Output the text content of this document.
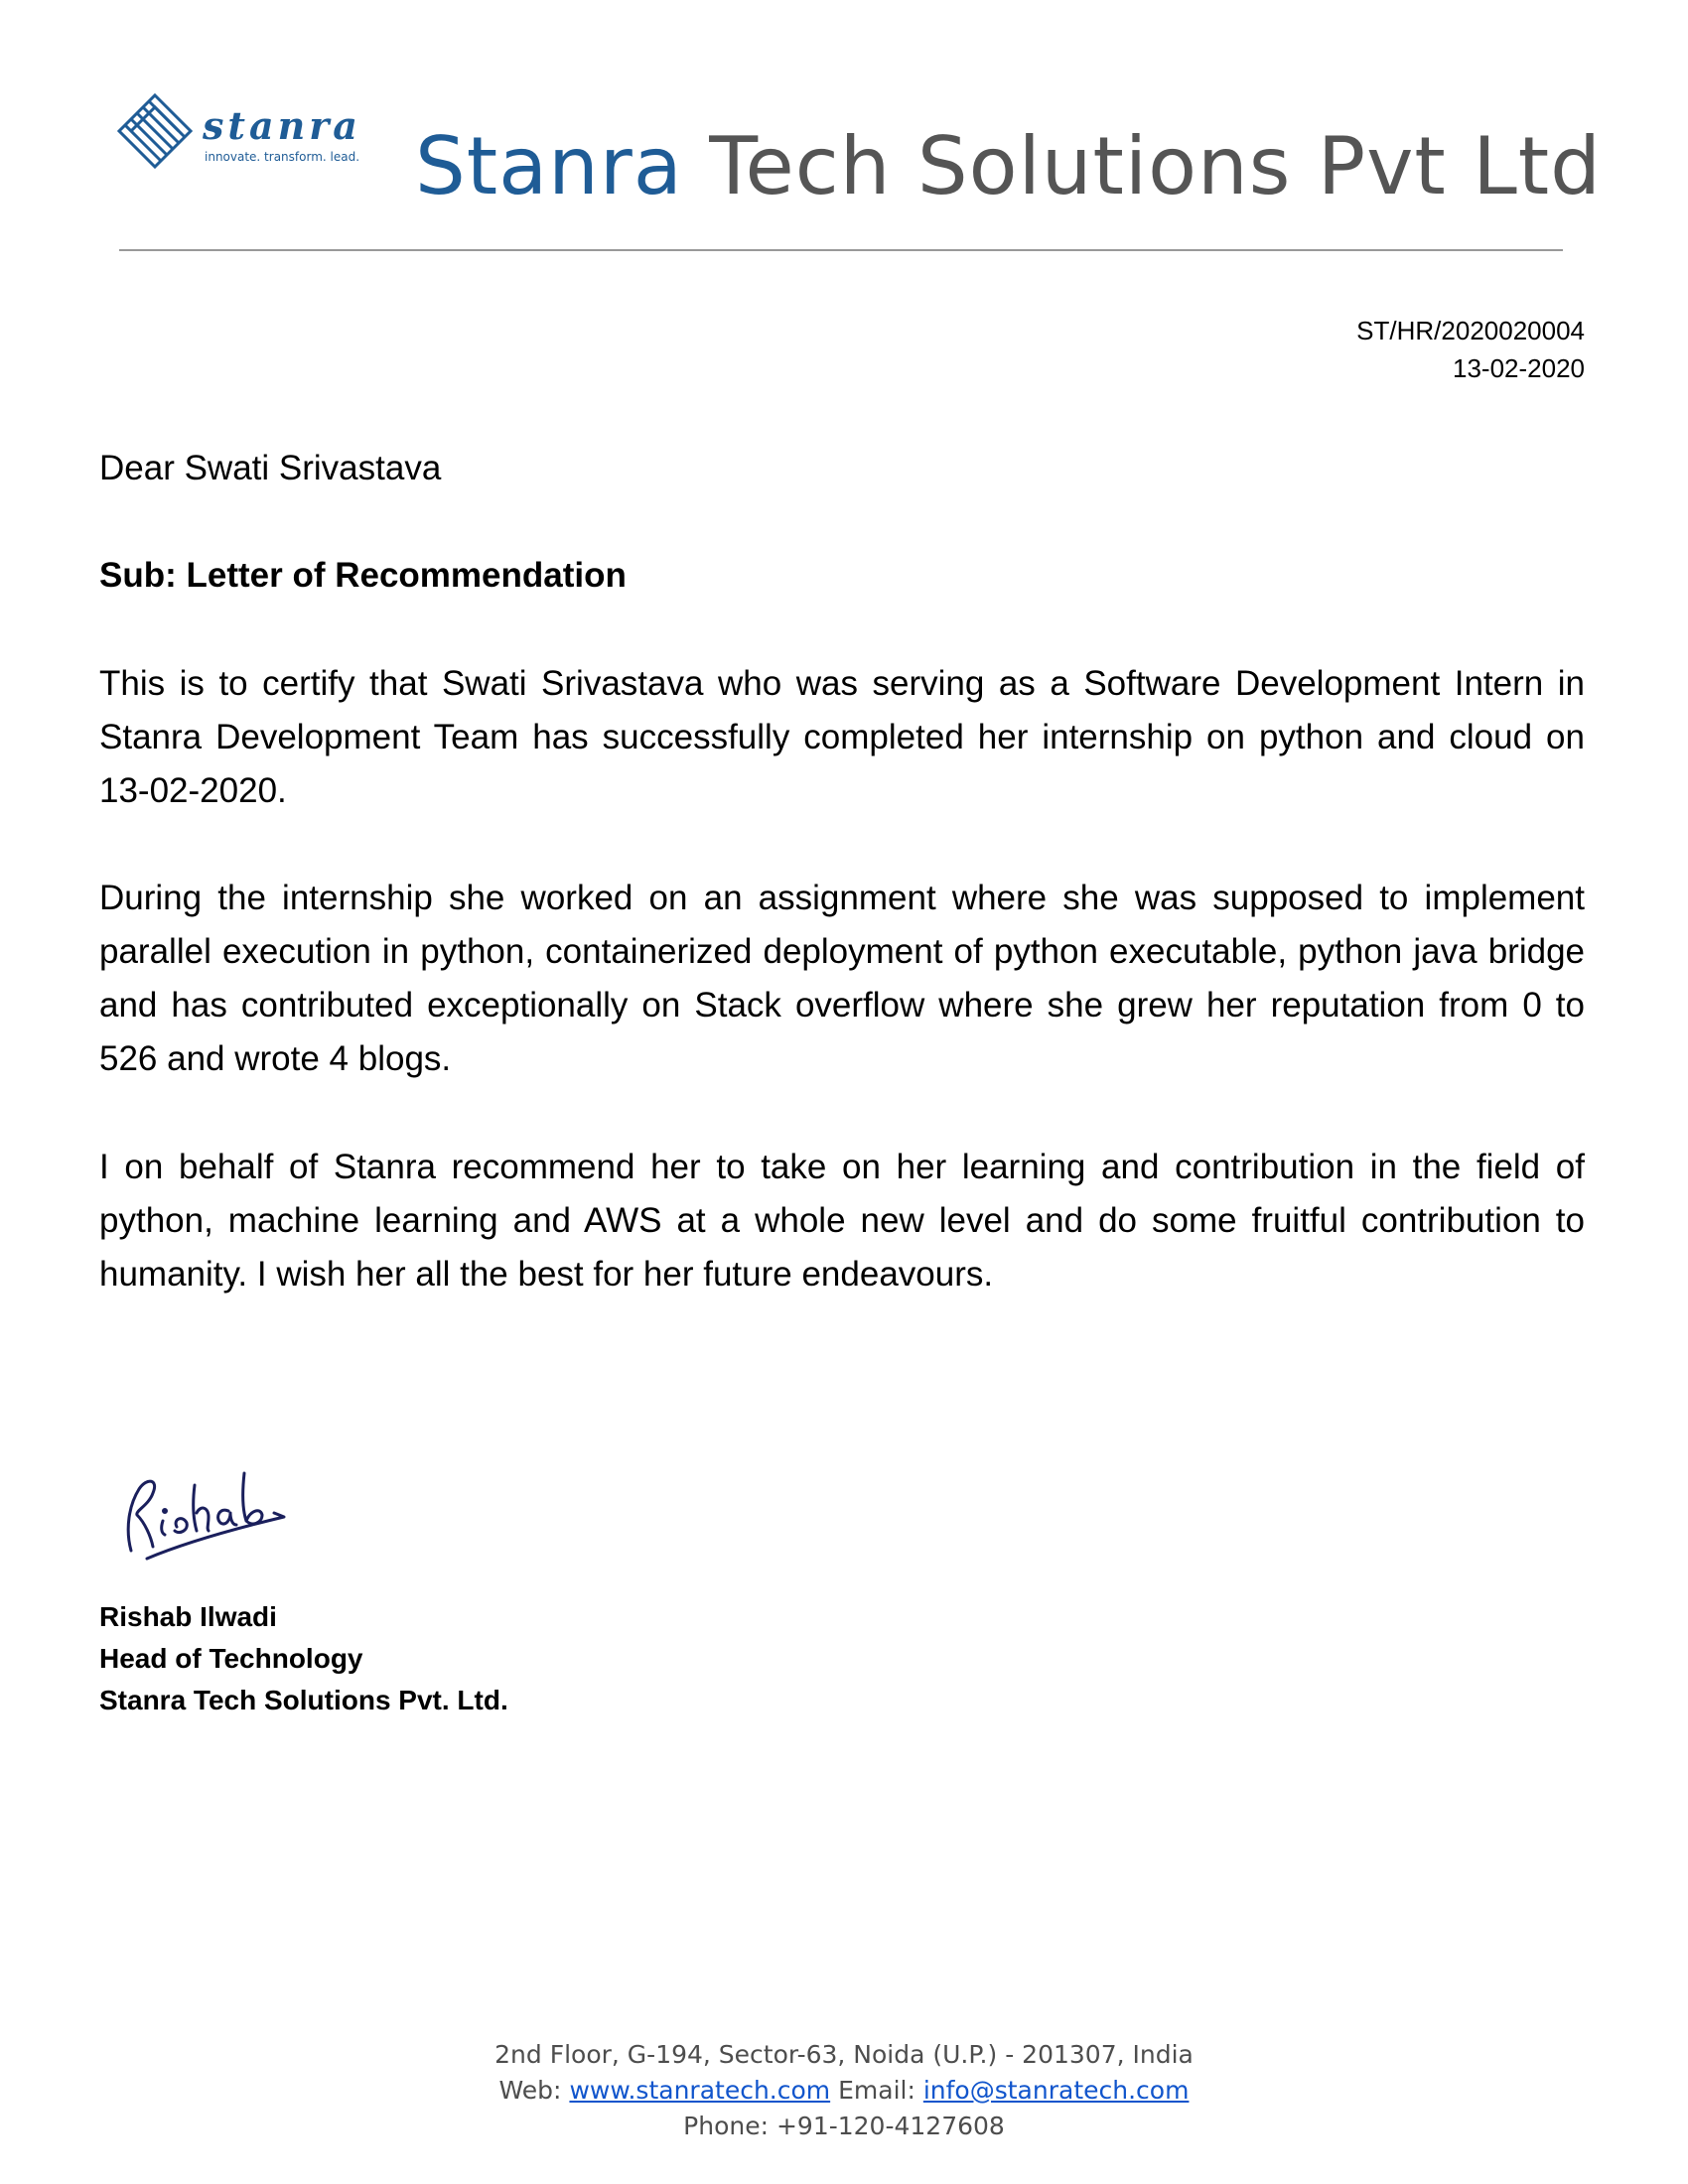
stanra
innovate. transform. lead. Stanra Tech Solutions Pvt Ltd
ST/HR/2020020004
13-02-2020
Dear Swati Srivastava
Sub: Letter of Recommendation
This is to certify that Swati Srivastava who was serving as a Software Development Intern in Stanra Development Team has successfully completed her internship on python and cloud on 13-02-2020.
During the internship she worked on an assignment where she was supposed to implement parallel execution in python, containerized deployment of python executable, python java bridge and has contributed exceptionally on Stack overflow where she grew her reputation from 0 to 526 and wrote 4 blogs.
I on behalf of Stanra recommend her to take on her learning and contribution in the field of python, machine learning and AWS at a whole new level and do some fruitful contribution to humanity. I wish her all the best for her future endeavours.
Rishab Ilwadi
Head of Technology
Stanra Tech Solutions Pvt. Ltd.
2nd Floor, G-194, Sector-63, Noida (U.P.) - 201307, India
Web: www.stanratech.com Email: info@stanratech.com
Phone: +91-120-4127608
